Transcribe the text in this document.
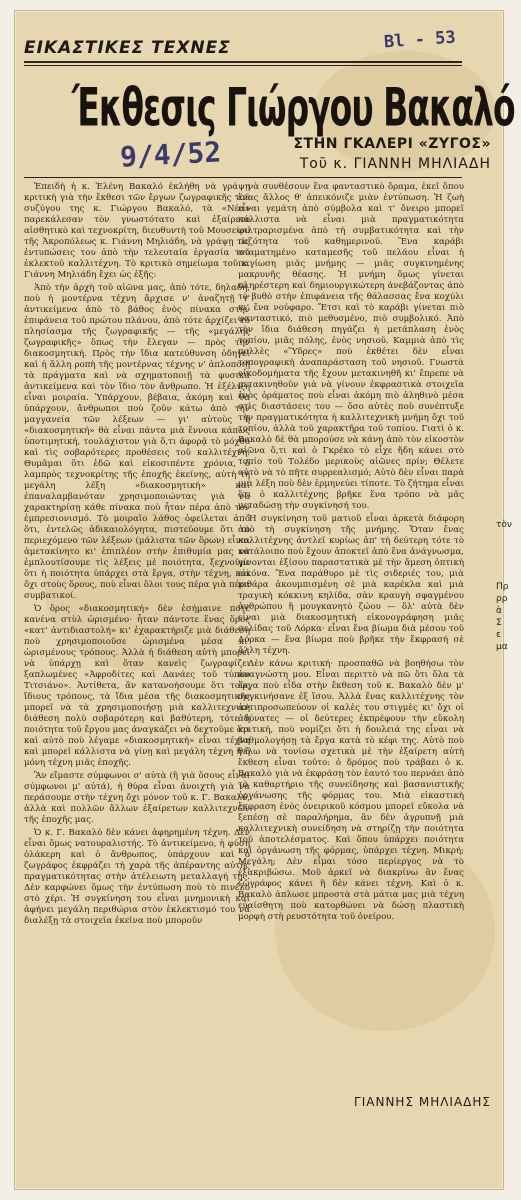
ΕΙΚΑΣΤΙΚΕΣ ΤΕΧΝΕΣ	Βl - 53
Έκθεσις Γιώργου Βακαλό
9/4/52	ΣΤΗΝ ΓΚΑΛΕΡΙ «ΖΥΓΟΣ»
Τοῦ κ. ΓΙΑΝΝΗ ΜΗΛΙΑΔΗ

Ἐπειδὴ ἡ κ. Ἑλένη Βακαλό ἐκλήθη νὰ γράψῃ κριτικὴ γιὰ τὴν ἔκθεσι τῶν ἔργων ζωγραφικῆς τοῦ συζύγου της κ. Γιώργου Βακαλό, τὰ «Νέα» παρεκάλεσαν τὸν γνωστότατο καὶ ἐξαίρετο αἰσθητικὸ καὶ τεχνοκρίτη, διευθυντὴ τοῦ Μουσείου τῆς Ἀκροπόλεως κ. Γιάννη Μηλιάδη, νὰ γράψῃ τὶς ἐντυπώσεις του ἀπὸ τὴν τελευταία ἐργασία τοῦ ἐκλεκτοῦ καλλιτέχνη. Τὸ κριτικὸ σημείωμα τοῦ κ. Γιάννη Μηλιάδη ἔχει ὡς ἑξῆς:

Ἀπὸ τὴν ἀρχὴ τοῦ αἰῶνα μας, ἀπὸ τότε, δηλαδή, ποὺ ἡ μοντέρνα τέχνη ἄρχισε ν' ἀναζητῇ τ' ἀντικείμενα ἀπὸ τὸ βάθος ἑνὸς πίνακα στὴν ἐπιφάνεια τοῦ πρώτου πλάνου, ἀπὸ τότε ἀρχίζει τὸ πλησίασμα τῆς ζωγραφικῆς — τῆς «μεγάλης ζωγραφικῆς» ὅπως τὴν ἔλεγαν — πρὸς τὴν διακοσμητική. Πρὸς τὴν ἴδια κατεύθυνση ὁδηγεῖ καὶ ἡ ἄλλη ροπὴ τῆς μοντέρνας τέχνης ν' ἁπλοποιῇ τὰ πράγματα καὶ νὰ σχηματοποιῇ τὰ φυσικὰ ἀντικείμενα καὶ τὸν ἴδιο τὸν ἄνθρωπο. Ἡ ἐξέλιξη εἶναι μοιραία. Ὑπάρχουν, βέβαια, ἀκόμη καὶ θὰ ὑπάρχουν, ἄνθρωποι ποὺ ζοῦν κάτω ἀπὸ τὴν μαγγανεία τῶν λέξεων — γι' αὐτοὺς ἡ «διακοσμητική» θὰ εἶναι πάντα μιὰ ἔννοια κάπως ὑποτιμητική, τουλάχιστον γιὰ ὅ,τι ἀφορᾷ τὸ μόχθο καὶ τὶς σοβαρότερες προθέσεις τοῦ καλλιτέχνη. Θυμᾶμαι ὅτι ἐδῶ καὶ εἰκοσιπέντε χρόνια, ὁ λαμπρὸς τεχνοκρίτης τῆς ἐποχῆς ἐκείνης, αὐτὴ τὴ μεγάλη λέξη «διακοσμητική» καὶ ἐπαναλαμβανόταν χρησιμοποιώντας γιὰ νὰ χαρακτηρίσῃ κάθε πίνακα ποὺ ἦταν πέρα ἀπὸ τὸν ἐμπρεσιονισμό. Τὸ μοιραῖο λάθος ὀφείλεται ἀπὸ ὅτι, ἐντελῶς ἀδικαιολόγητα, πιστεύουμε ὅτι τὸ περιεχόμενο τῶν λέξεων (μάλιστα τῶν ὅρων) εἶναι ἀμετακίνητο κι' ἐπιπλέον στὴν ἐπιθυμία μας νὰ ἐμπλουτίσουμε τὶς λέξεις μὲ ποιότητα, ξεχνοῦμε ὅτι ἡ ποιότητα ὑπάρχει στὰ ἔργα, στὴν τέχνη, καὶ ὄχι στοὺς ὅρους, ποὺ εἶναι ὅλοι τους πέρα γιὰ πέρα συμβατικοί.

Ὁ ὅρος «διακοσμητική» δὲν ἐσήμαινε ποτὲ κανένα στὺλ ὡρισμένο· ἦταν πάντοτε ἕνας ὅρος «κατ' ἀντιδιαστολή» κι' ἐχαρακτήριζε μιὰ διάθεση ποὺ χρησιμοποιοῦσε ὡρισμένα μέσα κι' ὡρισμένους τρόπους. Ἀλλὰ ἡ διάθεση αὐτὴ μπορεῖ νὰ ὑπάρχῃ καὶ ὅταν κανεὶς ζωγραφίζει ξαπλωμένες «Ἀφροδίτες καὶ Δανάες τοῦ τύπου Τιτσιάνο». Ἀντίθετα, ἂν κατανοήσουμε ὅτι τοὺς ἴδιους τρόπους, τὰ ἴδια μέσα τῆς διακοσμητικῆς μπορεῖ νὰ τὰ χρησιμοποιήσῃ μιὰ καλλιτεχνικὴ διάθεση πολὺ σοβαρότερη καὶ βαθύτερη, τότε ἡ ποιότητα τοῦ ἔργου μας ἀναγκάζει νὰ δεχτοῦμε ὅτι καὶ αὐτὸ ποὺ λέγαμε «διακοσμητική» εἶναι τέχνη καὶ μπορεῖ κάλλιστα νὰ γίνῃ καὶ μεγάλη τέχνη ἢ ἡ μόνη τέχνη μιᾶς ἐποχῆς.

Ἂν εἴμαστε σύμφωνοι σ' αὐτὰ (ἢ γιὰ ὅσους εἶναι σύμφωνοι μ' αὐτά), ἡ θύρα εἶναι ἀνοιχτὴ γιὰ νὰ περάσουμε στὴν τέχνη ὄχι μόνον τοῦ κ. Γ. Βακαλό, ἀλλὰ καὶ πολλῶν ἄλλων ἐξαίρετων καλλιτεχνῶν τῆς ἐποχῆς μας.

Ὁ κ. Γ. Βακαλὸ δὲν κάνει ἀφηρημένη τέχνη. Δὲν εἶναι ὅμως νατουραλιστής. Τὸ ἀντικείμενο, ἡ φύση ὁλάκερη καὶ ὁ ἄνθρωπος, ὑπάρχουν καὶ ὁ ζωγράφος ἐκφράζει τὴ χαρὰ τῆς ἀπέραντης αὐτῆς πραγματικότητας στὴν ἀτέλειωτη μεταλλαγή της. Δὲν καρφώνει ὅμως τὴν ἐντύπωση ποὺ τὸ πινέλο στὸ χέρι. Ἡ συγκίνηση του εἶναι μνημονικὴ καὶ ἀφήνει μεγάλη περιθώρια στὸν ἐκλεκτισμό του νὰ διαλέξῃ τὰ στοιχεῖα ἐκεῖνα ποὺ μποροῦν

νὰ συνθέσουν ἕνα φανταστικὸ ὅραμα, ἐκεῖ ὅπου ἕνας ἄλλος θ' ἀπεικόνιζε μιὰν ἐντύπωση. Ἡ ζωὴ εἶναι γεμάτη ἀπὸ σύμβολα καὶ τ' ὄνειρο μπορεῖ κάλλιστα νὰ εἶναι μιὰ πραγματικότητα φιλτραρισμένα ἀπὸ τὴ συμβατικότητα καὶ τὴν πεζότητα τοῦ καθημερινοῦ. Ἕνα καράβι σταματημένο καταμεσῆς τοῦ πελάου εἶναι ἡ παγίωση μιᾶς μνήμης — μιᾶς συγκινημένης μακρυνῆς θέασης. Ἡ μνήμη ὅμως γίνεται πληρέστερη καὶ δημιουργικώτερη ἀνεβάζοντας ἀπὸ τὸ βυθὸ στὴν ἐπιφάνεια τῆς θάλασσας ἕνα κοχύλι κι' ἕνα νούφαρο. Ἔτσι καὶ τὸ καράβι γίνεται πιὸ φανταστικό, πιὸ μεθυσμένο, πιὸ συμβολικό. Ἀπὸ τὴν ἴδια διάθεση πηγάζει ἡ μετάπλαση ἑνὸς τοπίου, μιᾶς πόλης, ἑνὸς νησιοῦ. Καμμιὰ ἀπὸ τὶς πολλὲς «Ὕδρες» ποὺ ἐκθέτει δὲν εἶναι τοπογραφικὴ ἀναπαράσταση τοῦ νησιοῦ. Γνωστὰ οἰκοδομήματα τῆς ἔχουν μετακινηθῆ κι' ἔπρεπε νὰ μετακινηθοῦν γιὰ νὰ γίνουν ἐκφραστικὰ στοιχεῖα ἑνὸς ὁράματος ποὺ εἶναι ἀκόμη πιὸ ἀληθινὸ μέσα στὶς διαστάσεις του — ὅσο αὐτὲς ποὺ συνέπτυξε τὴν πραγματικότητα ἡ καλλιτεχνικὴ μνήμη ὄχι τοῦ τοπίου, ἀλλὰ τοῦ χαρακτῆρα τοῦ τοπίου. Γιατὶ ὁ κ. Βακαλὸ δὲ θὰ μπορούσε νὰ κάνῃ ἀπὸ τὸν εἰκοστὸν αἰῶνα ὅ,τι καὶ ὁ Γκρέκο τὸ εἶχε ἤδη κάνει στὸ τοπίο τοῦ Τολέδο μερικοὺς αἰῶνες πρίν; Θέλετε αὐτὸ νὰ τὸ πῆτε συρρεαλισμό; Αὐτὸ δὲν εἶναι παρὰ μιὰ λέξη ποὺ δὲν ἑρμηνεύει τίποτε. Τὸ ζήτημα εἶναι ὅτι ὁ καλλιτέχνης βρῆκε ἕνα τρόπο νὰ μᾶς μεταδώσῃ τὴν συγκίνησή του.

Ἡ συγκίνηση τοῦ ματιοῦ εἶναι ἀρκετὰ διάφορη ἀπὸ τὴ συγκίνηση τῆς μνήμης. Ὅταν ἕνας καλλιτέχνης ἀντλεῖ κυρίως ἀπ' τὴ δεύτερη τότε τὸ κατάλοιπο ποὺ ἔχουν ἀποκτεῖ ἀπὸ ἕνα ἀνάγνωσμα, γίνονται ἐξίσου παραστατικὰ μὲ τὴν ἄμεση ὀπτικὴ εἰκόνα. Ἕνα παράθυρο μὲ τὶς σιδεριές του, μιὰ κιθάρα ἀκουμπισμένη σὲ μιὰ καρέκλα καὶ μιὰ τραγικὴ κόκκινη κηλίδα, σὰν κραυγὴ σφαγμένου ἀνθρώπου ἢ μουγκανητὸ ζώου — ὅλ' αὐτὰ δὲν εἶναι μιὰ διακοσμητικὴ εἰκονογράφηση μιᾶς σελίδας τοῦ Λόρκα· εἶναι ἕνα βίωμα διὰ μέσου τοῦ Λόρκα — ἕνα βίωμα ποὺ βρῆκε τὴν ἔκφρασή σὲ ἄλλη τέχνη.

Δὲν κάνω κριτική· προσπαθῶ νὰ βοηθήσω τὸν ἀναγνώστη μου. Εἶναι περιττὸ νὰ πῶ ὅτι ὅλα τὰ ἔργα ποὺ εἶδα στὴν ἔκθεση τοῦ κ. Βακαλὸ δὲν μ' συγκινήσανε ἐξ ἴσου. Ἀλλὰ ἕνας καλλιτέχνης τὸν ἀντιπροσωπεύουν οἱ καλὲς του στιγμὲς κι' ὄχι οἱ ἀδύνατες — οἱ δεύτερες ἐκπρέφουν τὴν εὔκολη κριτική, ποὺ νομίζει ὅτι ἡ δουλειά της εἶναι νὰ βαθμολογήσῃ τὰ ἔργα κατὰ τὸ κέφι της. Αὐτὸ ποὺ θέλω νὰ τονίσω σχετικὰ μὲ τὴν ἐξαίρετη αὐτὴ ἔκθεση εἶναι τοῦτο: ὁ δρόμος ποὺ τράβαει ὁ κ. Βακαλὸ γιὰ νὰ ἐκφράσῃ τὸν ἑαυτό του περνάει ἀπὸ τὸ καθαρτήριο τῆς συνείδησης καὶ βασανιστικῆς ὀργάνωσης τῆς φόρμας του. Μιὰ εἰκαστικὴ ἔκφραση ἑνὸς ὀνειρικοῦ κόσμου μπορεῖ εὔκολα νὰ ξεπέσῃ σὲ παραλήρημα, ἂν δὲν ἀγρυπνῇ μιὰ καλλιτεχνικὴ συνείδηση νὰ στηρίζῃ τὴν ποιότητα τοῦ ἀποτελέσματος. Καὶ ὅπου ὑπάρχει ποιότητα καὶ ὀργάνωση τῆς φόρμας, ὑπάρχει τέχνη. Μικρή; Μεγάλη; Δὲν εἶμαι τόσο περίεργος νὰ τὸ ἐξακριβώσω. Μοῦ ἀρκεῖ νὰ διακρίνω ἂν ἕνας ζωγράφος κάνει ἢ δὲν κάνει τέχνη. Καὶ ὁ κ. Βακαλὸ ἁπλωσε μπροστὰ στὰ μάτια μας μιὰ τέχνη εὐαίσθητη ποὺ κατορθώνει νὰ δώσῃ πλαστικὴ μορφὴ στὴ ρευστότητα τοῦ ὀνείρου.

ΓΙΑΝΝΗΣ ΜΗΛΙΑΔΗΣ
τὸν
Πρ
ρρ
ὰ
Σ
ε
μα
